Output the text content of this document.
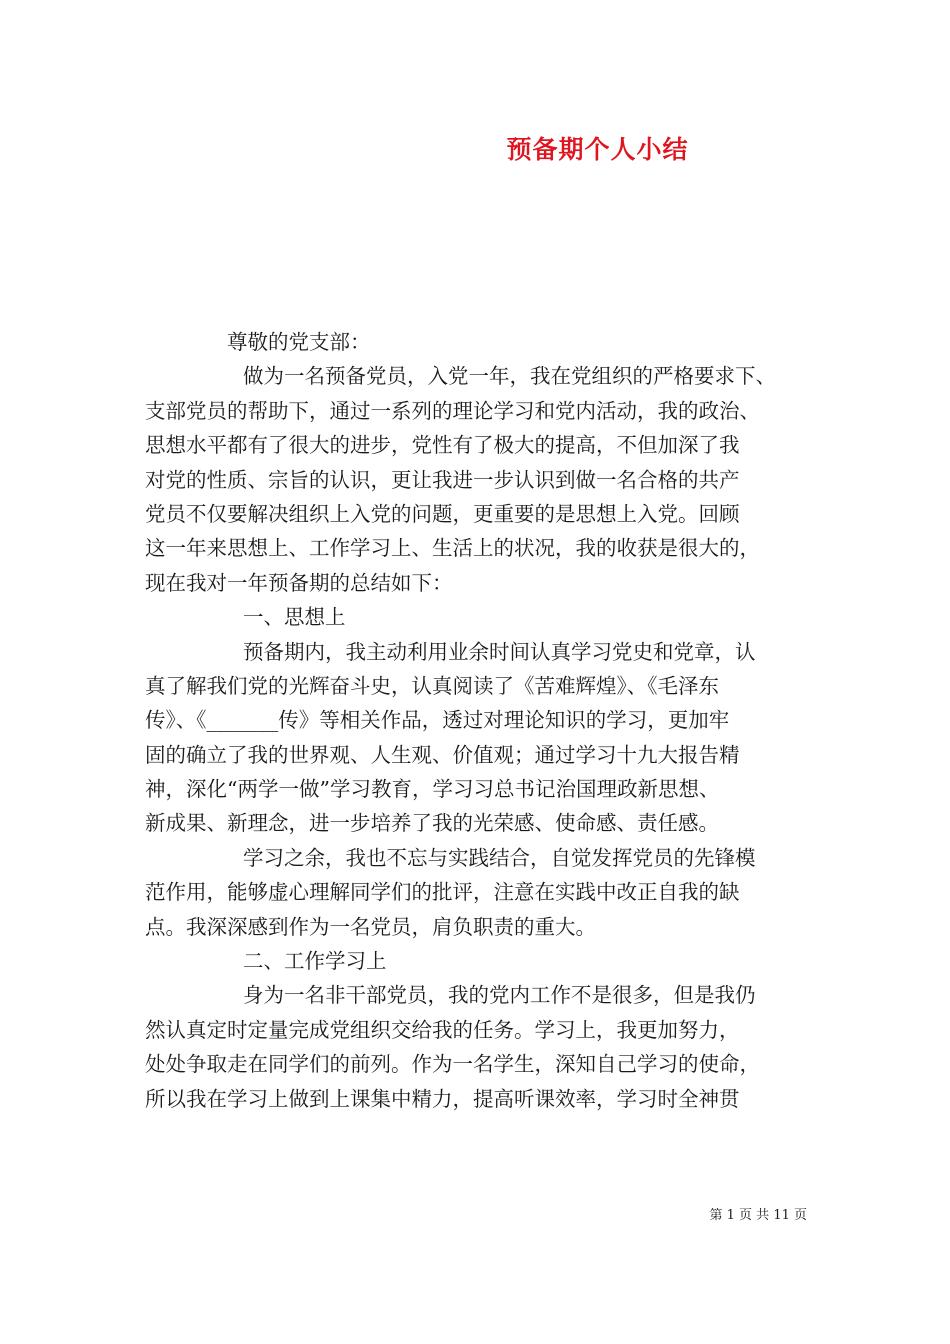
预备期个人小结
尊敬的党支部：
做为一名预备党员，入党一年，我在党组织的严格要求下、
支部党员的帮助下，通过一系列的理论学习和党内活动，我的政治、
思想水平都有了很大的进步，党性有了极大的提高，不但加深了我
对党的性质、宗旨的认识，更让我进一步认识到做一名合格的共产
党员不仅要解决组织上入党的问题，更重要的是思想上入党。回顾
这一年来思想上、工作学习上、生活上的状况，我的收获是很大的，
现在我对一年预备期的总结如下：
一、思想上
预备期内，我主动利用业余时间认真学习党史和党章，认
真了解我们党的光辉奋斗史，认真阅读了《苦难辉煌》、《毛泽东
传》、《_______传》等相关作品，透过对理论知识的学习，更加牢
固的确立了我的世界观、人生观、价值观；通过学习十九大报告精
神，深化“两学一做”学习教育，学习习总书记治国理政新思想、
新成果、新理念，进一步培养了我的光荣感、使命感、责任感。
学习之余，我也不忘与实践结合，自觉发挥党员的先锋模
范作用，能够虚心理解同学们的批评，注意在实践中改正自我的缺
点。我深深感到作为一名党员，肩负职责的重大。
二、工作学习上
身为一名非干部党员，我的党内工作不是很多，但是我仍
然认真定时定量完成党组织交给我的任务。学习上，我更加努力，
处处争取走在同学们的前列。作为一名学生，深知自己学习的使命，
所以我在学习上做到上课集中精力，提高听课效率，学习时全神贯
第 1 页 共 11 页
